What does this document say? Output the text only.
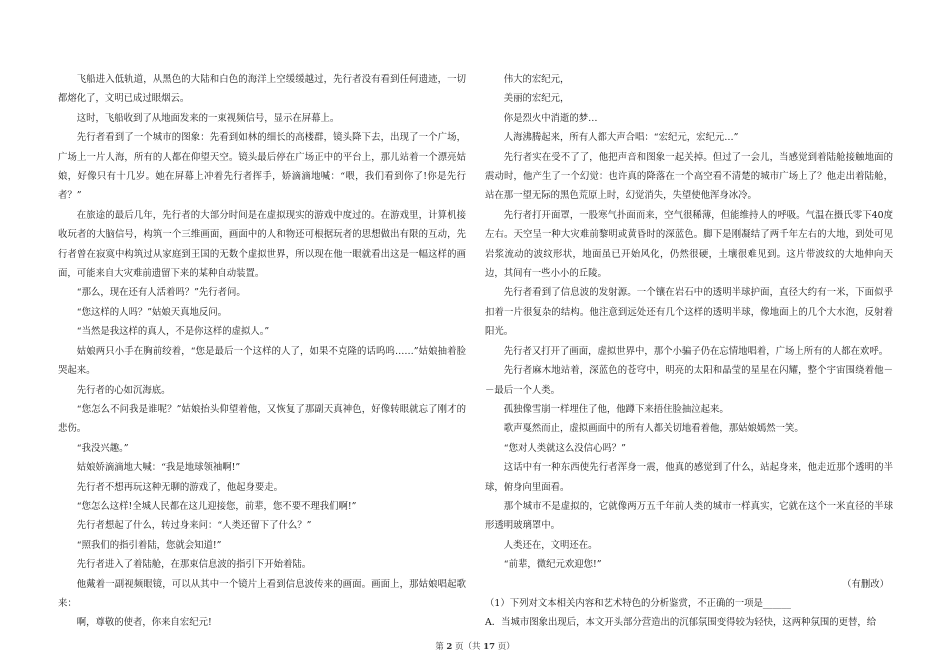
飞船进入低轨道，从黑色的大陆和白色的海洋上空缓缓越过，先行者没有看到任何遗迹，一切都熔化了，文明已成过眼烟云。

这时，飞船收到了从地面发来的一束视频信号，显示在屏幕上。

先行者看到了一个城市的图象：先看到如林的细长的高楼群，镜头降下去，出现了一个广场，广场上一片人海，所有的人都在仰望天空。镜头最后停在广场正中的平台上，那儿站着一个漂亮姑娘，好像只有十几岁。她在屏幕上冲着先行者挥手，娇滴滴地喊：“喂，我们看到你了!你是先行者？”

在旅途的最后几年，先行者的大部分时间是在虚拟现实的游戏中度过的。在游戏里，计算机接收玩者的大脑信号，构筑一个三维画面，画面中的人和物还可根据玩者的思想做出有限的互动，先行者曾在寂寞中构筑过从家庭到王国的无数个虚拟世界，所以现在他一眼就看出这是一幅这样的画面，可能来自大灾难前遗留下来的某种自动装置。

“那么，现在还有人活着吗？”先行者问。

“您这样的人吗？”姑娘天真地反问。

“当然是我这样的真人，不是你这样的虚拟人。”

姑娘两只小手在胸前绞着，“您是最后一个这样的人了，如果不克隆的话呜呜……”姑娘抽着脸哭起来。

先行者的心如沉海底。

“您怎么不问我是谁呢？”姑娘抬头仰望着他，又恢复了那副天真神色，好像转眼就忘了刚才的悲伤。

“我没兴趣。”

姑娘娇滴滴地大喊：“我是地球领袖啊!”

先行者不想再玩这种无聊的游戏了，他起身要走。

“您怎么这样!全城人民都在这儿迎接您，前辈，您不要不理我们啊!”

先行者想起了什么，转过身来问：“人类还留下了什么？”

“照我们的指引着陆，您就会知道!”

先行者进入了着陆舱，在那束信息波的指引下开始着陆。

他戴着一副视频眼镜，可以从其中一个镜片上看到信息波传来的画面。画面上，那姑娘唱起歌来：

啊，尊敬的使者，你来自宏纪元!

伟大的宏纪元，

美丽的宏纪元，

你是烈火中消逝的梦…

人海沸腾起来，所有人都大声合唱：“宏纪元，宏纪元…”

先行者实在受不了了，他把声音和图象一起关掉。但过了一会儿，当感觉到着陆舱接触地面的震动时，他产生了一个幻觉：也许真的降落在一个高空看不清楚的城市广场上了？他走出着陆舱，站在那一望无际的黑色荒原上时，幻觉消失，失望使他浑身冰冷。

先行者打开面罩，一股寒气扑面而来，空气很稀薄，但能维持人的呼吸。气温在摄氏零下40度左右。天空呈一种大灾难前黎明或黄昏时的深蓝色。脚下是刚凝结了两千年左右的大地，到处可见岩浆流动的波纹形状，地面虽已开始风化，仍然很硬，土壤很难见到。这片带波纹的大地伸向天边，其间有一些小小的丘陵。

先行者看到了信息波的发射源。一个镶在岩石中的透明半球护面，直径大约有一米，下面似乎扣着一片很复杂的结构。他注意到远处还有几个这样的透明半球，像地面上的几个大水泡，反射着阳光。

先行者又打开了画面，虚拟世界中，那个小骗子仍在忘情地唱着，广场上所有的人都在欢呼。

先行者麻木地站着，深蓝色的苍穹中，明亮的太阳和晶莹的星星在闪耀，整个宇宙围绕着他－－最后一个人类。

孤独像雪崩一样埋住了他，他蹲下来捂住脸抽泣起来。

歌声戛然而止，虚拟画面中的所有人都关切地看着他，那姑娘嫣然一笑。

“您对人类就这么没信心吗？”

这话中有一种东西使先行者浑身一震，他真的感觉到了什么，站起身来，他走近那个透明的半球，俯身向里面看。

那个城市不是虚拟的，它就像两万五千年前人类的城市一样真实，它就在这个一米直径的半球形透明玻璃罩中。

人类还在，文明还在。

“前辈，微纪元欢迎您!”

（有删改）

（1）下列对文本相关内容和艺术特色的分析鉴赏，不正确的一项是______

A．当城市图象出现后，本文开头部分营造出的沉郁氛围变得较为轻快，这两种氛围的更替，给

第 2 页（共 17 页）
